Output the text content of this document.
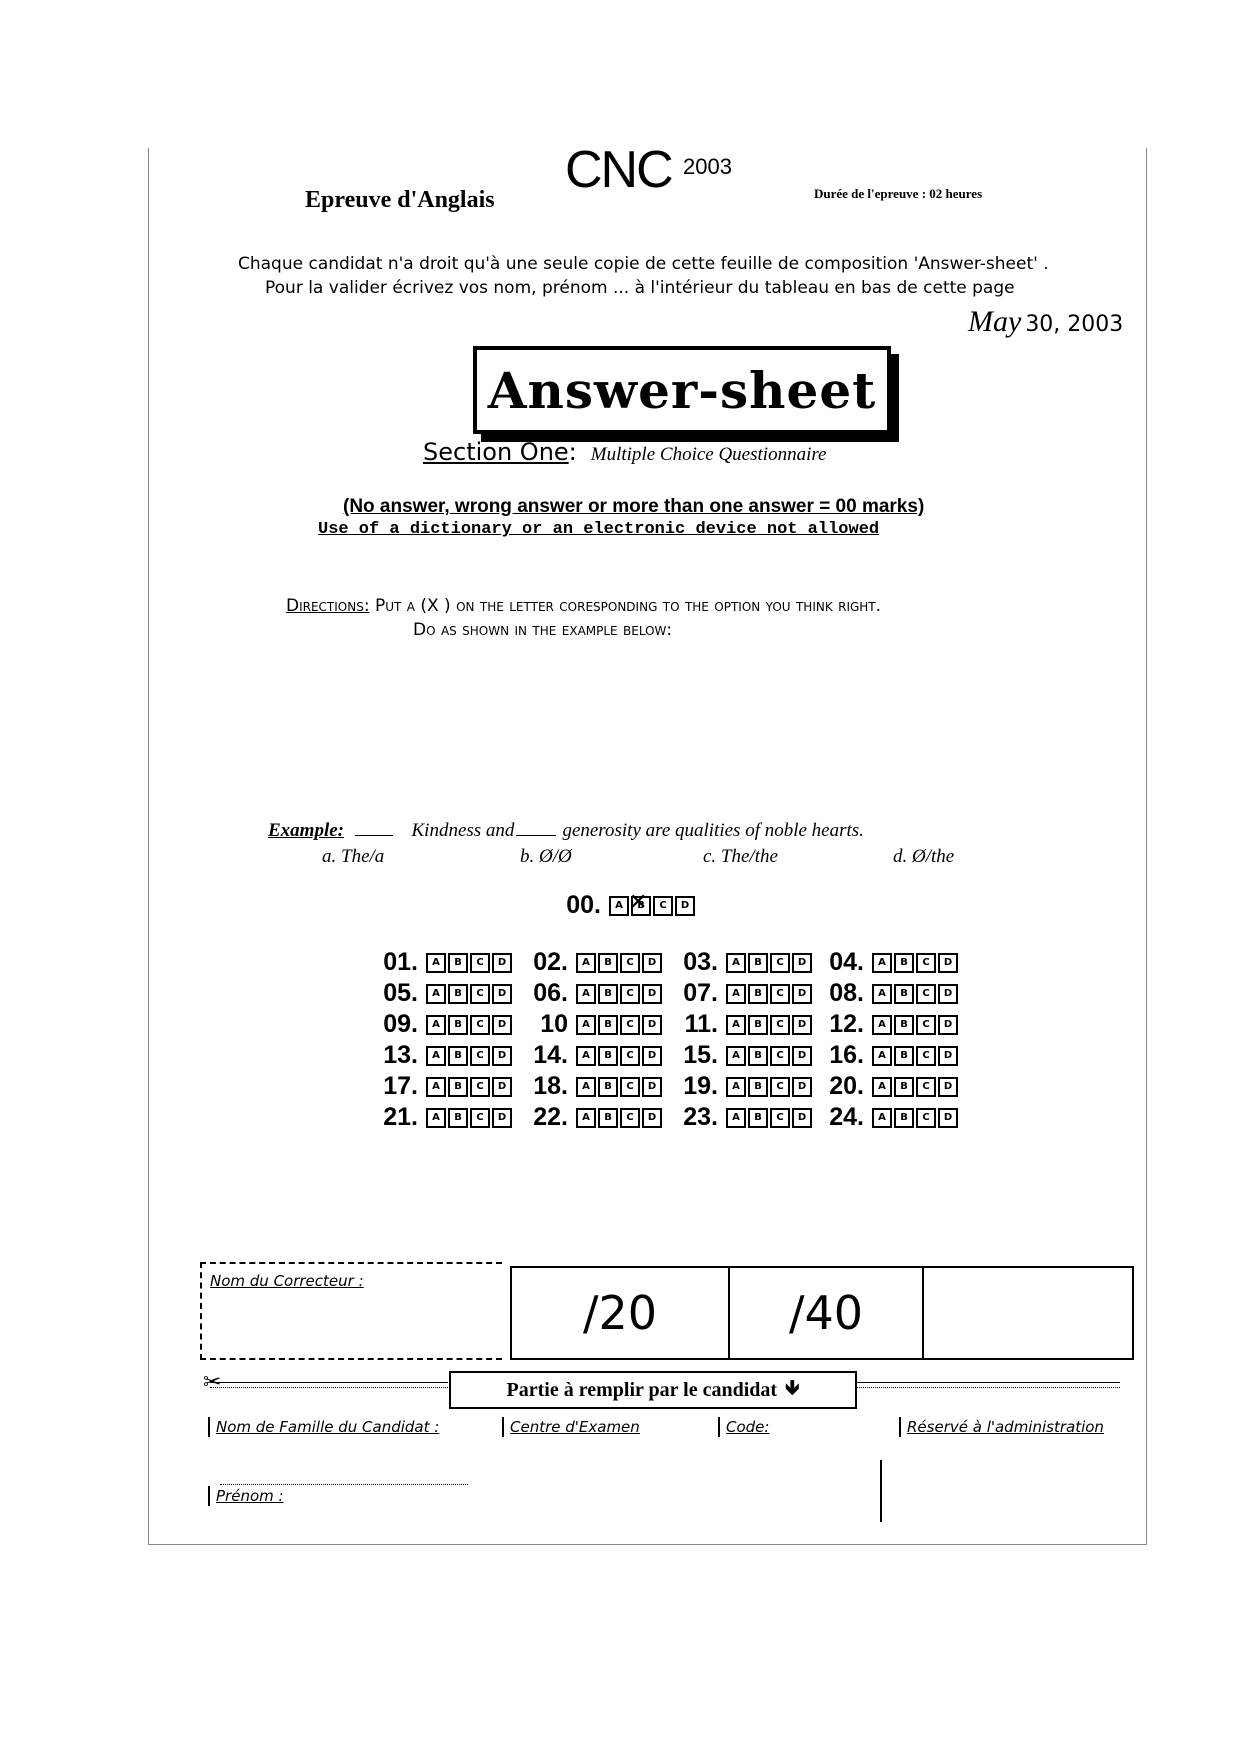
CNC 2003
Epreuve d'Anglais	Durée de l'epreuve : 02 heures
Chaque candidat n'a droit qu'à une seule copie de cette feuille de composition 'Answer-sheet' .
Pour la valider écrivez vos nom, prénom ... à l'intérieur du tableau en bas de cette page
May 30, 2003
Answer-sheet
Section One: Multiple Choice Questionnaire
(No answer, wrong answer or more than one answer = 00 marks)
Use of a dictionary or an electronic device not allowed
Directions: Put a (X ) on the letter coresponding to the option you think right.
Do as shown in the example below:
Example:	Kindness and	generosity are qualities of noble hearts.
a. The/a	b. Ø/Ø	c. The/the	d. Ø/the
00.	A	B ✕	C	D
01.	A	B	C	D	02.	A	B	C	D	03.	A	B	C	D 04.	A	B	C	D
05.	A	B	C	D	06.	A	B	C	D	07.	A	B	C	D 08.	A	B	C	D
09.	A	B	C	D	10	A	B	C	D	11.	A	B	C	D 12.	A	B	C	D
13.	A	B	C	D	14.	A	B	C	D	15.	A	B	C	D 16.	A	B	C	D
17.	A	B	C	D	18.	A	B	C	D	19.	A	B	C	D 20.	A	B	C	D
21.	A	B	C	D	22.	A	B	C	D	23.	A	B	C	D 24.	A	B	C	D
Nom du Correcteur :
/20	/40
✂	Partie à remplir par le candidat 🡻
Nom de Famille du Candidat :	Centre d'Examen	Code:	Réservé à l'administration
Prénom :
